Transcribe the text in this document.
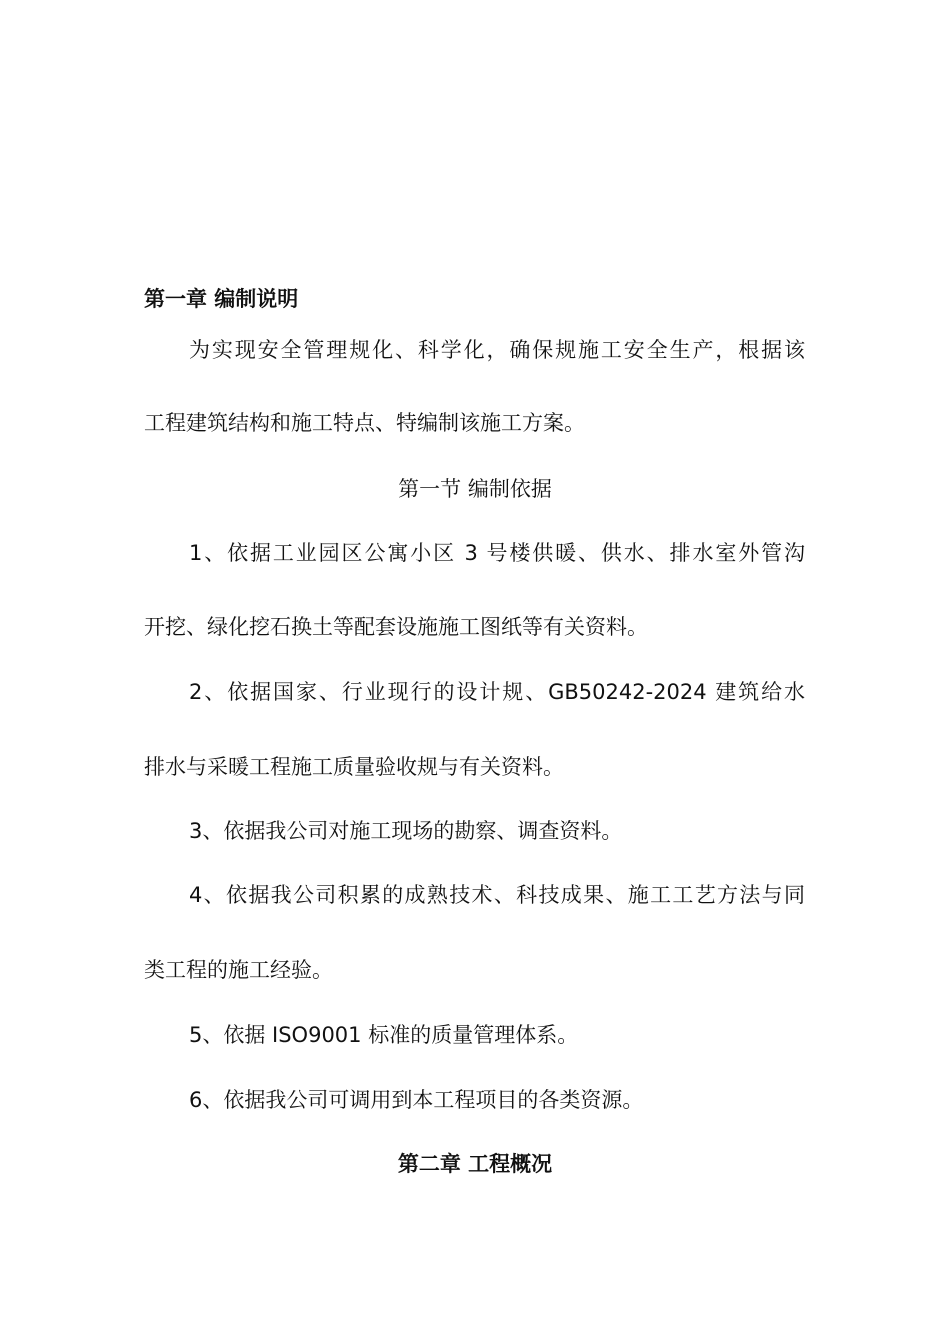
第一章 编制说明
为实现安全管理规化、科学化，确保规施工安全生产，根据该
工程建筑结构和施工特点、特编制该施工方案。
第一节 编制依据
1、依据工业园区公寓小区 3 号楼供暖、供水、排水室外管沟
开挖、绿化挖石换土等配套设施施工图纸等有关资料。
2、依据国家、行业现行的设计规、GB50242-2024 建筑给水
排水与采暖工程施工质量验收规与有关资料。
3、依据我公司对施工现场的勘察、调查资料。
4、依据我公司积累的成熟技术、科技成果、施工工艺方法与同
类工程的施工经验。
5、依据 ISO9001 标准的质量管理体系。
6、依据我公司可调用到本工程项目的各类资源。
第二章 工程概况
